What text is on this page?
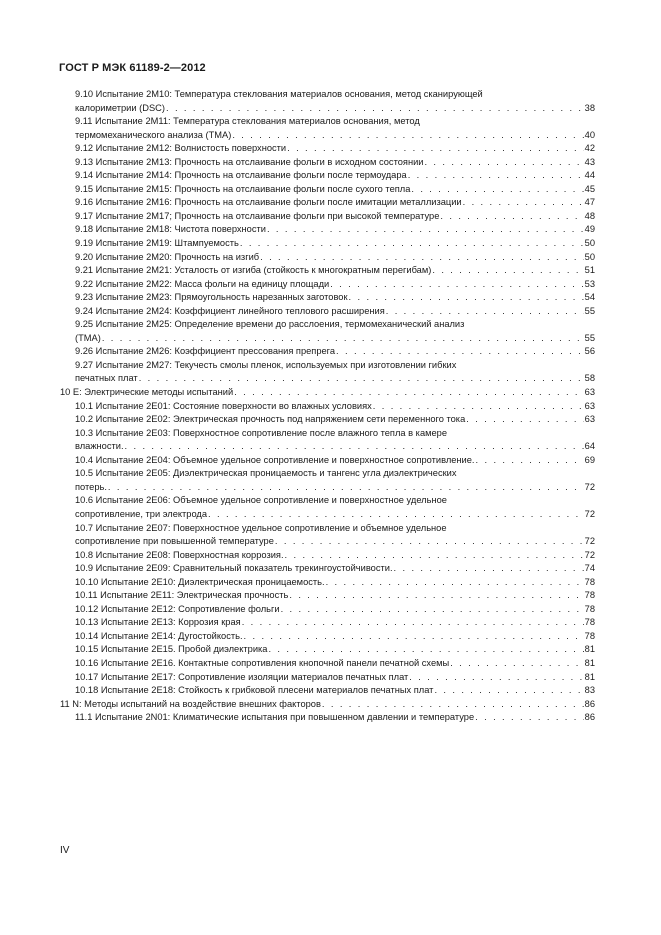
ГОСТ Р МЭК 61189-2—2012
9.10 Испытание 2M10: Температура стеклования материалов основания, метод сканирующей
калориметрии (DSC) . . .	38
9.11 Испытание 2M11: Температура стеклования материалов основания, метод
термомеханического анализа (ТМА) . . .	40
9.12 Испытание 2M12: Волнистость поверхности . . .	42
9.13 Испытание 2M13: Прочность на отслаивание фольги в исходном состоянии . . .	43
9.14 Испытание 2M14: Прочность на отслаивание фольги после термоудара . . .	44
9.15 Испытание 2M15: Прочность на отслаивание фольги после сухого тепла . . .	45
9.16 Испытание 2M16: Прочность на отслаивание фольги после имитации металлизации . . .	47
9.17 Испытание 2M17; Прочность на отслаивание фольги при высокой температуре . . .	48
9.18 Испытание 2M18: Чистота поверхности . . .	49
9.19 Испытание 2M19: Штампуемость . . .	50
9.20 Испытание 2M20: Прочность на изгиб . . .	50
9.21 Испытание 2M21: Усталость от изгиба (стойкость к многократным перегибам) . . .	51
9.22 Испытание 2M22: Масса фольги на единицу площади . . .	53
9.23 Испытание 2M23: Прямоугольность нарезанных заготовок . . .	54
9.24 Испытание 2M24: Коэффициент линейного теплового расширения . . .	55
9.25 Испытание 2M25: Определение времени до расслоения, термомеханический анализ
(ТМА) . . .	55
9.26 Испытание 2M26: Коэффициент прессования препрега . . .	56
9.27 Испытание 2M27: Текучесть смолы пленок, используемых при изготовлении гибких
печатных плат . . .	58
10 Е: Электрические методы испытаний . . .	63
10.1 Испытание 2Е01: Состояние поверхности во влажных условиях . . .	63
10.2 Испытание 2Е02: Электрическая прочность под напряжением сети переменного тока . . .	63
10.3 Испытание 2Е03: Поверхностное сопротивление после влажного тепла в камере
влажности. . . .	64
10.4 Испытание 2Е04: Объемное удельное сопротивление и поверхностное сопротивление. . . .	69
10.5 Испытание 2Е05: Диэлектрическая проницаемость и тангенс угла диэлектрических
потерь. . . .	72
10.6 Испытание 2Е06: Объемное удельное сопротивление и поверхностное удельное
сопротивление, три электрода . . .	72
10.7 Испытание 2Е07: Поверхностное удельное сопротивление и объемное удельное
сопротивление при повышенной температуре . . .	72
10.8 Испытание 2Е08: Поверхностная коррозия. . . .	72
10.9 Испытание 2Е09: Сравнительный показатель трекингоустойчивости. . . .	74
10.10 Испытание 2Е10: Диэлектрическая проницаемость. . . .	78
10.11 Испытание 2Е11: Электрическая прочность . . .	78
10.12 Испытание 2Е12: Сопротивление фольги . . .	78
10.13 Испытание 2Е13: Коррозия края . . .	78
10.14 Испытание 2Е14: Дугостойкость. . . .	78
10.15 Испытание 2Е15. Пробой диэлектрика . . .	81
10.16 Испытание 2Е16. Контактные сопротивления кнопочной панели печатной схемы . . .	81
10.17 Испытание 2Е17: Сопротивление изоляции материалов печатных плат . . .	81
10.18 Испытание 2Е18: Стойкость к грибковой плесени материалов печатных плат . . .	83
11 N: Методы испытаний на воздействие внешних факторов . . .	86
11.1 Испытание 2N01: Климатические испытания при повышенном давлении и температуре . . .	86
IV
